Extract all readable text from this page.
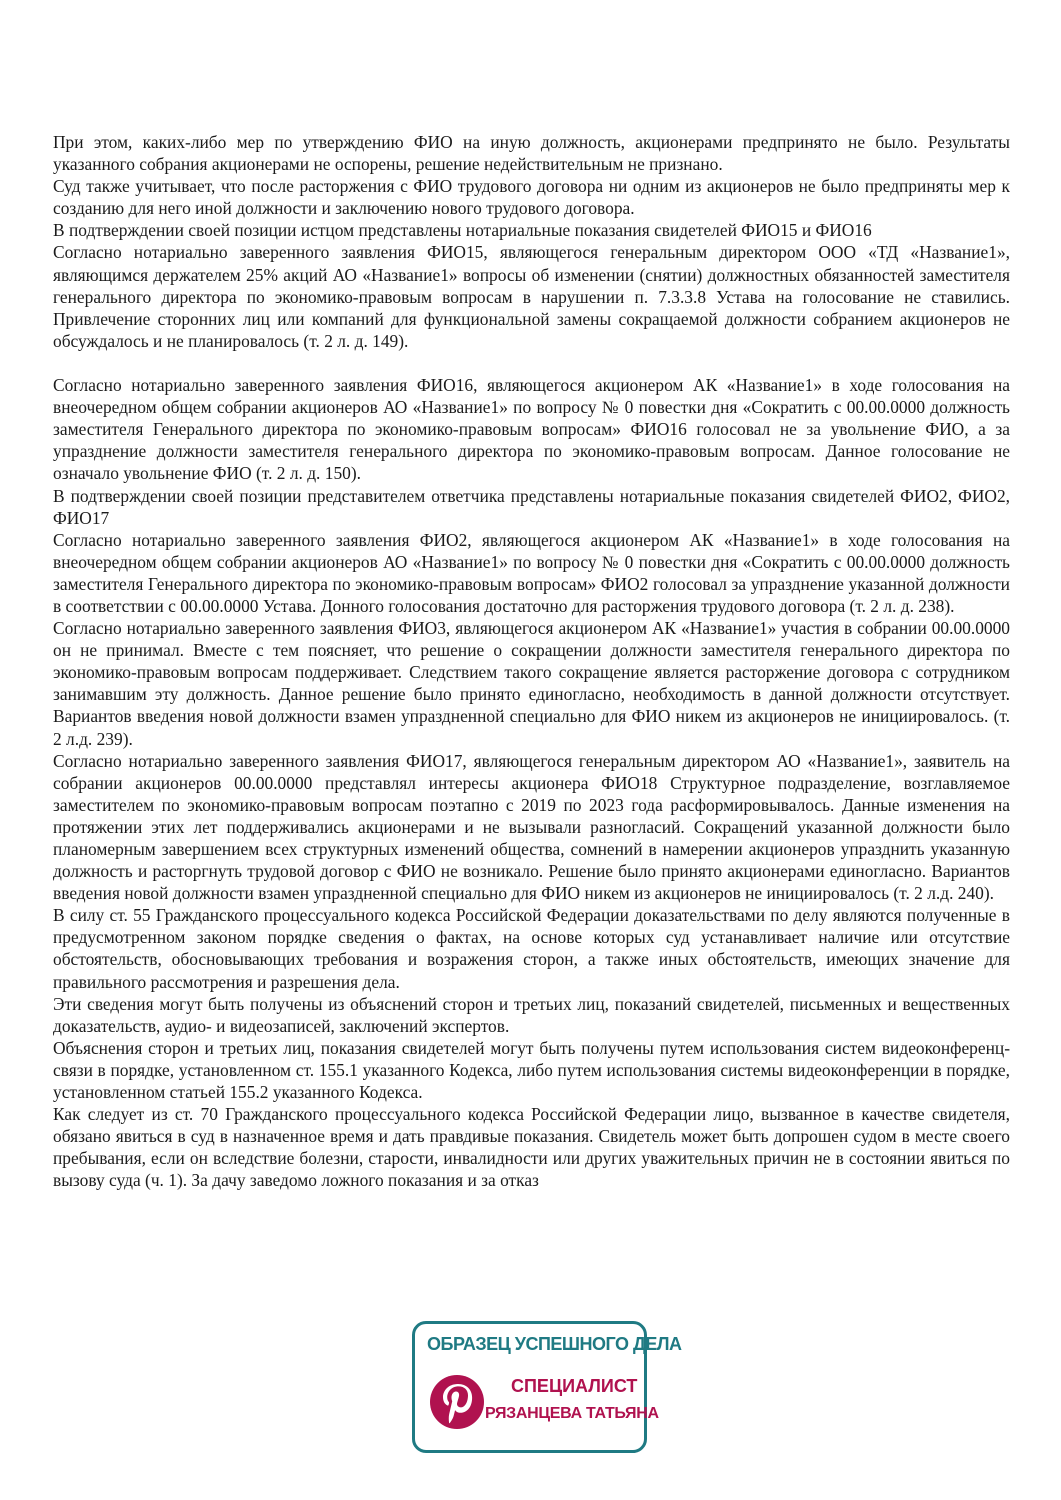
При этом, каких-либо мер по утверждению ФИО на иную должность, акционерами предпринято не было. Результаты указанного собрания акционерами не оспорены, решение недействительным не признано.

Суд также учитывает, что после расторжения с ФИО трудового договора ни одним из акционеров не было предприняты мер к созданию для него иной должности и заключению нового трудового договора.

В подтверждении своей позиции истцом представлены нотариальные показания свидетелей ФИО15 и ФИО16

Согласно нотариально заверенного заявления ФИО15, являющегося генеральным директором ООО «ТД «Название1», являющимся держателем 25% акций АО «Название1» вопросы об изменении (снятии) должностных обязанностей заместителя генерального директора по экономико-правовым вопросам в нарушении п. 7.3.3.8 Устава на голосование не ставились. Привлечение сторонних лиц или компаний для функциональной замены сокращаемой должности собранием акционеров не обсуждалось и не планировалось (т. 2 л. д. 149).

Согласно нотариально заверенного заявления ФИО16, являющегося акционером АК «Название1» в ходе голосования на внеочередном общем собрании акционеров АО «Название1» по вопросу № 0 повестки дня «Сократить с 00.00.0000 должность заместителя Генерального директора по экономико-правовым вопросам» ФИО16 голосовал не за увольнение ФИО, а за упразднение должности заместителя генерального директора по экономико-правовым вопросам. Данное голосование не означало увольнение ФИО (т. 2 л. д. 150).

В подтверждении своей позиции представителем ответчика представлены нотариальные показания свидетелей ФИО2, ФИО2, ФИО17

Согласно нотариально заверенного заявления ФИО2, являющегося акционером АК «Название1» в ходе голосования на внеочередном общем собрании акционеров АО «Название1» по вопросу № 0 повестки дня «Сократить с 00.00.0000 должность заместителя Генерального директора по экономико-правовым вопросам» ФИО2 голосовал за упразднение указанной должности в соответствии с 00.00.0000 Устава. Донного голосования достаточно для расторжения трудового договора (т. 2 л. д. 238).

Согласно нотариально заверенного заявления ФИО3, являющегося акционером АК «Название1» участия в собрании 00.00.0000 он не принимал. Вместе с тем поясняет, что решение о сокращении должности заместителя генерального директора по экономико-правовым вопросам поддерживает. Следствием такого сокращение является расторжение договора с сотрудником занимавшим эту должность. Данное решение было принято единогласно, необходимость в данной должности отсутствует. Вариантов введения новой должности взамен упраздненной специально для ФИО никем из акционеров не инициировалось. (т. 2 л.д. 239).

Согласно нотариально заверенного заявления ФИО17, являющегося генеральным директором АО «Название1», заявитель на собрании акционеров 00.00.0000 представлял интересы акционера ФИО18 Структурное подразделение, возглавляемое заместителем по экономико-правовым вопросам поэтапно с 2019 по 2023 года расформировывалось. Данные изменения на протяжении этих лет поддерживались акционерами и не вызывали разногласий. Сокращений указанной должности было планомерным завершением всех структурных изменений общества, сомнений в намерении акционеров упразднить указанную должность и расторгнуть трудовой договор с ФИО не возникало. Решение было принято акционерами единогласно. Вариантов введения новой должности взамен упраздненной специально для ФИО никем из акционеров не инициировалось (т. 2 л.д. 240).

В силу ст. 55 Гражданского процессуального кодекса Российской Федерации доказательствами по делу являются полученные в предусмотренном законом порядке сведения о фактах, на основе которых суд устанавливает наличие или отсутствие обстоятельств, обосновывающих требования и возражения сторон, а также иных обстоятельств, имеющих значение для правильного рассмотрения и разрешения дела.

Эти сведения могут быть получены из объяснений сторон и третьих лиц, показаний свидетелей, письменных и вещественных доказательств, аудио- и видеозаписей, заключений экспертов.

Объяснения сторон и третьих лиц, показания свидетелей могут быть получены путем использования систем видеоконференц-связи в порядке, установленном ст. 155.1 указанного Кодекса, либо путем использования системы видеоконференции в порядке, установленном статьей 155.2 указанного Кодекса.

Как следует из ст. 70 Гражданского процессуального кодекса Российской Федерации лицо, вызванное в качестве свидетеля, обязано явиться в суд в назначенное время и дать правдивые показания. Свидетель может быть допрошен судом в месте своего пребывания, если он вследствие болезни, старости, инвалидности или других уважительных причин не в состоянии явиться по вызову суда (ч. 1). За дачу заведомо ложного показания и за отказ

ОБРАЗЕЦ УСПЕШНОГО ДЕЛА
СПЕЦИАЛИСТ
РЯЗАНЦЕВА ТАТЬЯНА
